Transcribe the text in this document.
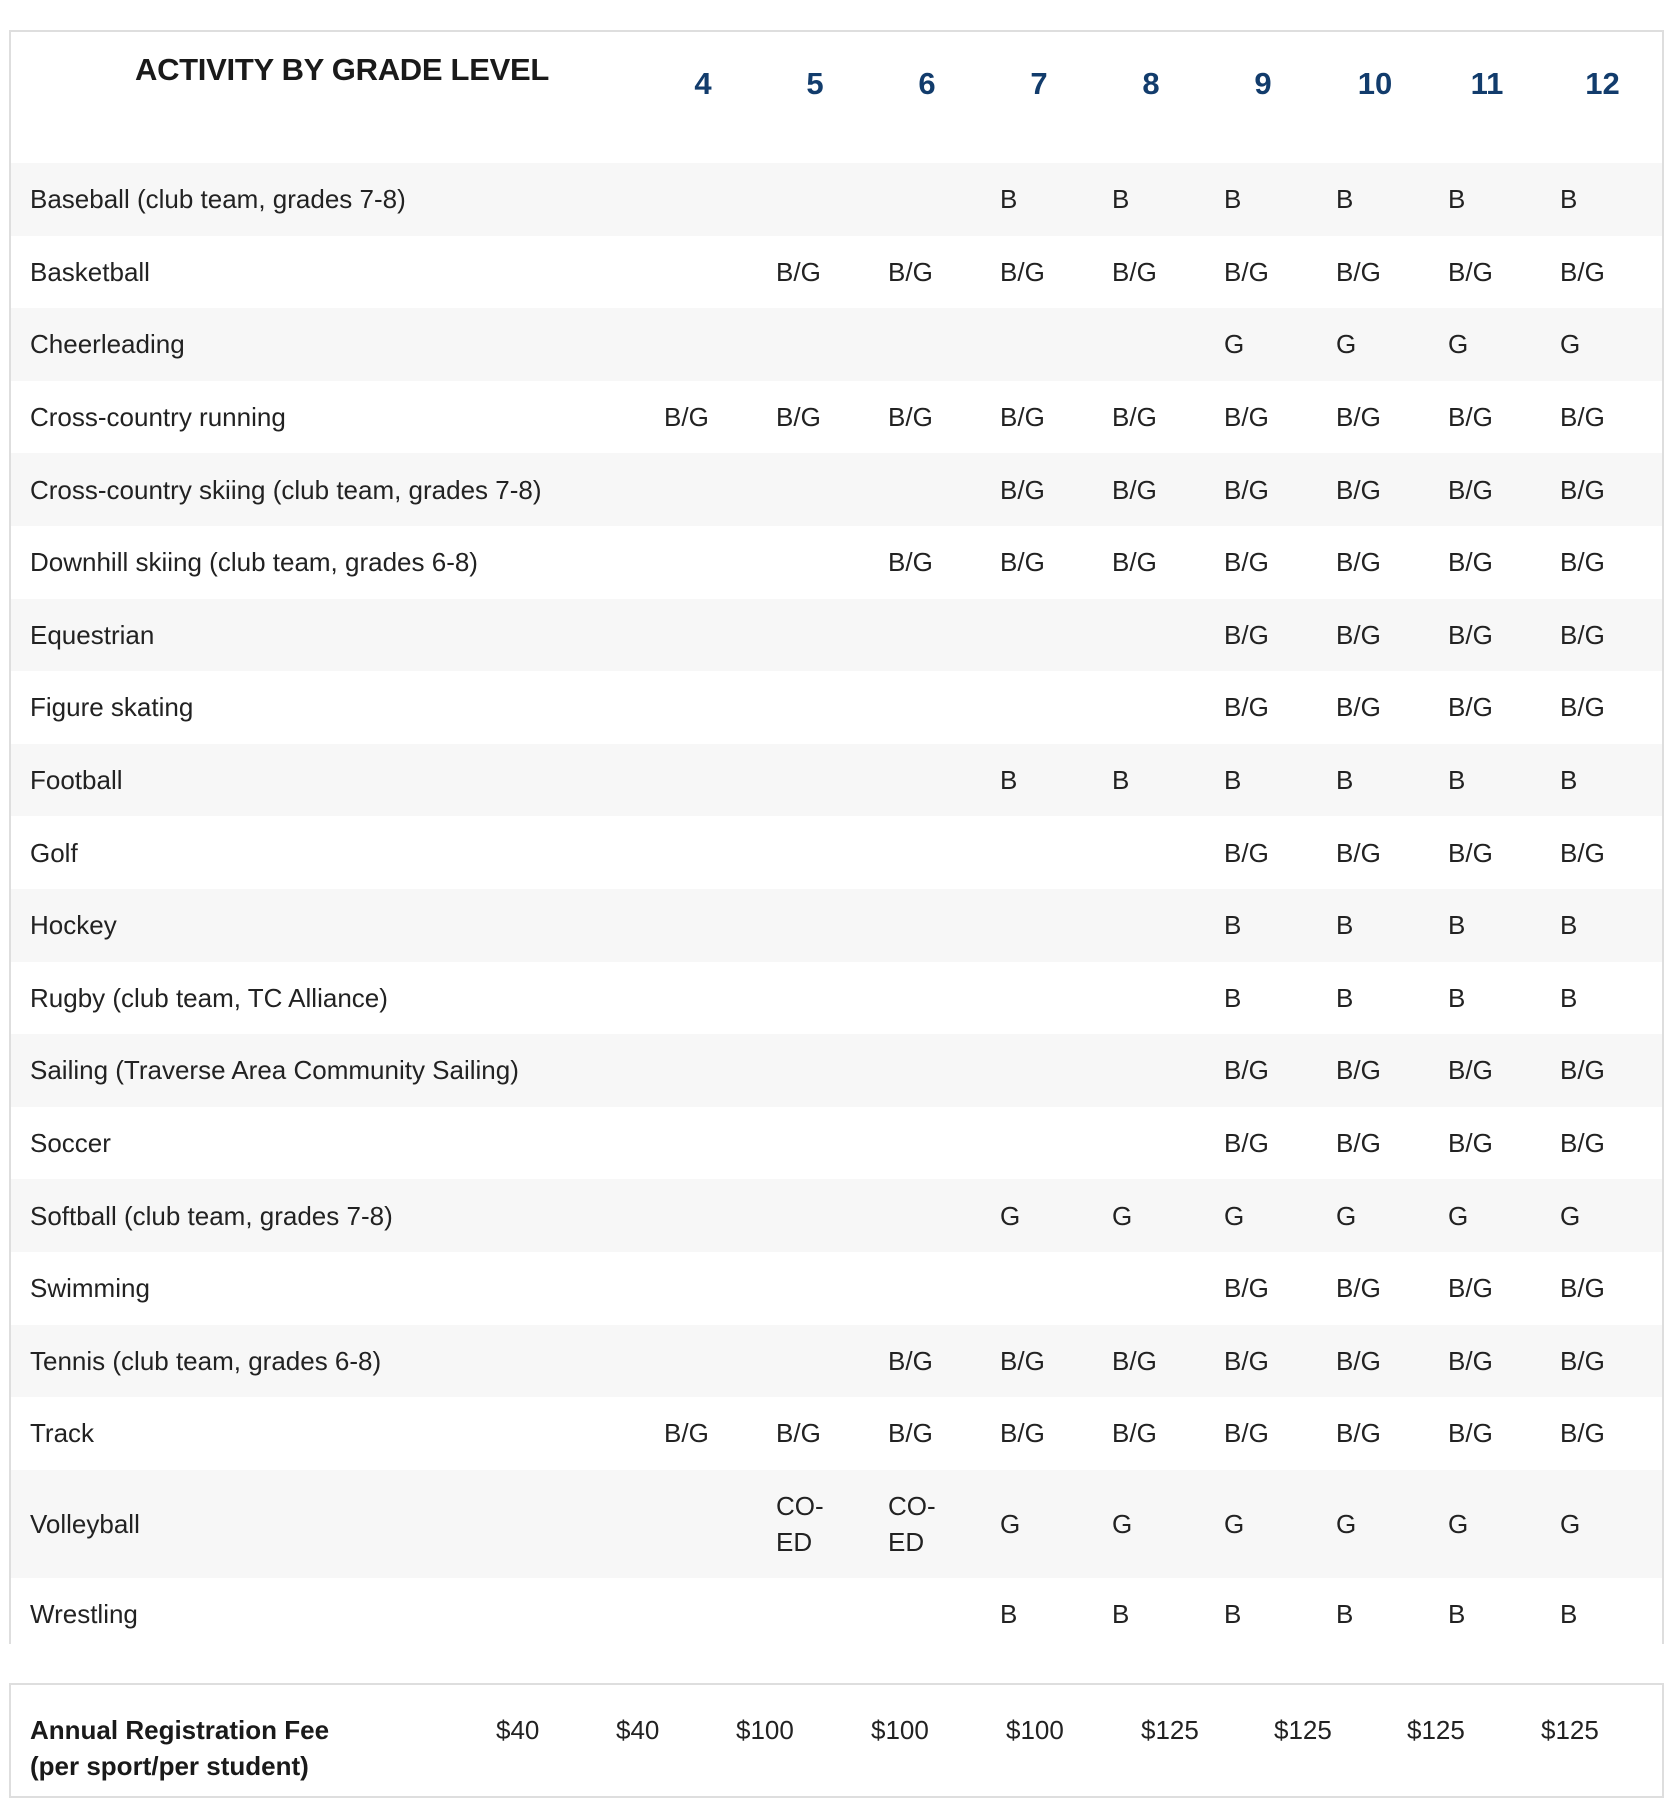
ACTIVITY BY GRADE LEVEL	4	5	6	7	8	9	10	11	12

Baseball (club team, grades 7-8)				B	B	B	B	B	B
Basketball		B/G	B/G	B/G	B/G	B/G	B/G	B/G	B/G
Cheerleading						G	G	G	G
Cross-country running	B/G	B/G	B/G	B/G	B/G	B/G	B/G	B/G	B/G
Cross-country skiing (club team, grades 7-8)				B/G	B/G	B/G	B/G	B/G	B/G
Downhill skiing (club team, grades 6-8)			B/G	B/G	B/G	B/G	B/G	B/G	B/G
Equestrian						B/G	B/G	B/G	B/G
Figure skating						B/G	B/G	B/G	B/G
Football				B	B	B	B	B	B
Golf						B/G	B/G	B/G	B/G
Hockey						B	B	B	B
Rugby (club team, TC Alliance)						B	B	B	B
Sailing (Traverse Area Community Sailing)						B/G	B/G	B/G	B/G
Soccer						B/G	B/G	B/G	B/G
Softball (club team, grades 7-8)				G	G	G	G	G	G
Swimming						B/G	B/G	B/G	B/G
Tennis (club team, grades 6-8)			B/G	B/G	B/G	B/G	B/G	B/G	B/G
Track	B/G	B/G	B/G	B/G	B/G	B/G	B/G	B/G	B/G
Volleyball		CO-
ED	CO-
ED	G	G	G	G	G	G
Wrestling				B	B	B	B	B	B
Annual Registration Fee
(per sport/per student)
$40	$40	$100	$100	$100	$125	$125	$125	$125
